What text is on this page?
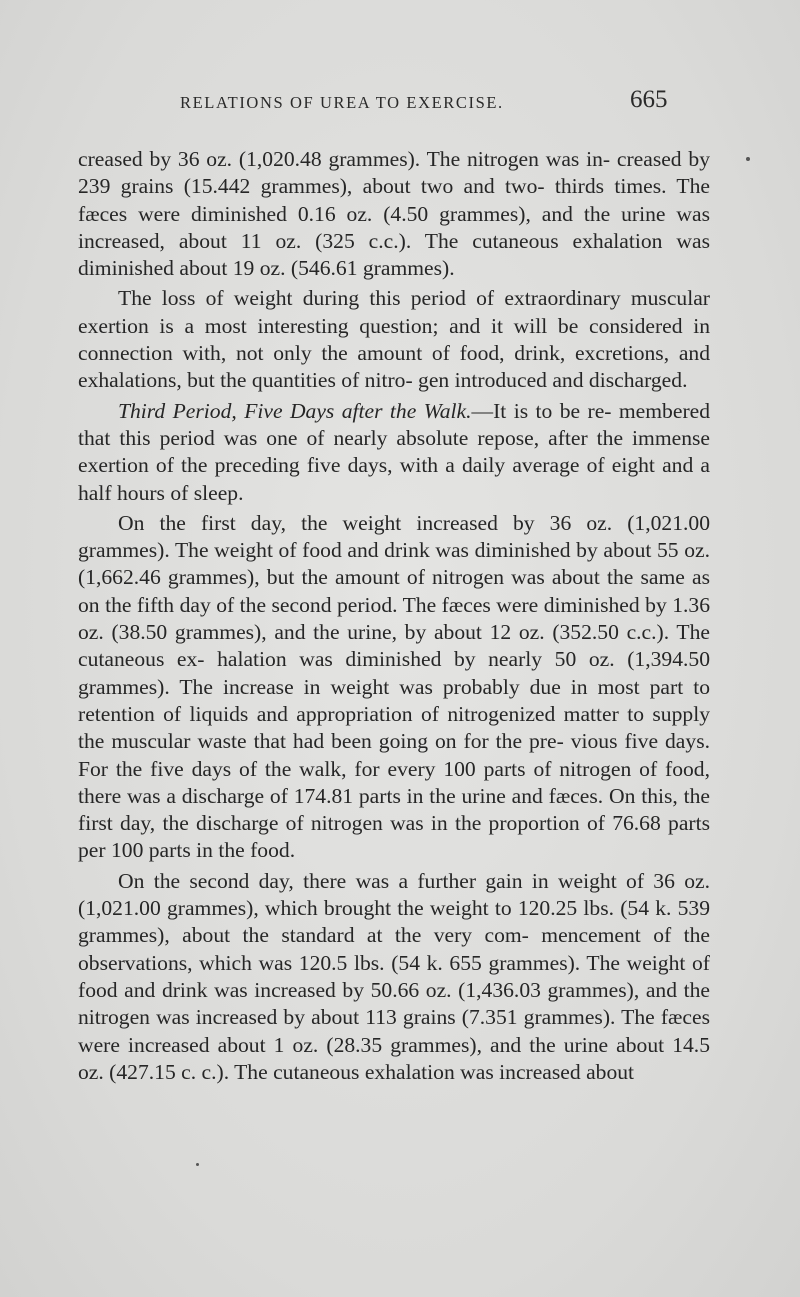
RELATIONS OF UREA TO EXERCISE.	665

creased by 36 oz. (1,020.48 grammes). The nitrogen was in- creased by 239 grains (15.442 grammes), about two and two- thirds times. The fæces were diminished 0.16 oz. (4.50 grammes), and the urine was increased, about 11 oz. (325 c.c.). The cutaneous exhalation was diminished about 19 oz. (546.61 grammes).

The loss of weight during this period of extraordinary muscular exertion is a most interesting question; and it will be considered in connection with, not only the amount of food, drink, excretions, and exhalations, but the quantities of nitro- gen introduced and discharged.

Third Period, Five Days after the Walk.—It is to be re- membered that this period was one of nearly absolute repose, after the immense exertion of the preceding five days, with a daily average of eight and a half hours of sleep.

On the first day, the weight increased by 36 oz. (1,021.00 grammes). The weight of food and drink was diminished by about 55 oz. (1,662.46 grammes), but the amount of nitrogen was about the same as on the fifth day of the second period. The fæces were diminished by 1.36 oz. (38.50 grammes), and the urine, by about 12 oz. (352.50 c.c.). The cutaneous ex- halation was diminished by nearly 50 oz. (1,394.50 grammes). The increase in weight was probably due in most part to retention of liquids and appropriation of nitrogenized matter to supply the muscular waste that had been going on for the pre- vious five days. For the five days of the walk, for every 100 parts of nitrogen of food, there was a discharge of 174.81 parts in the urine and fæces. On this, the first day, the discharge of nitrogen was in the proportion of 76.68 parts per 100 parts in the food.

On the second day, there was a further gain in weight of 36 oz. (1,021.00 grammes), which brought the weight to 120.25 lbs. (54 k. 539 grammes), about the standard at the very com- mencement of the observations, which was 120.5 lbs. (54 k. 655 grammes). The weight of food and drink was increased by 50.66 oz. (1,436.03 grammes), and the nitrogen was increased by about 113 grains (7.351 grammes). The fæces were increased about 1 oz. (28.35 grammes), and the urine about 14.5 oz. (427.15 c. c.). The cutaneous exhalation was increased about
